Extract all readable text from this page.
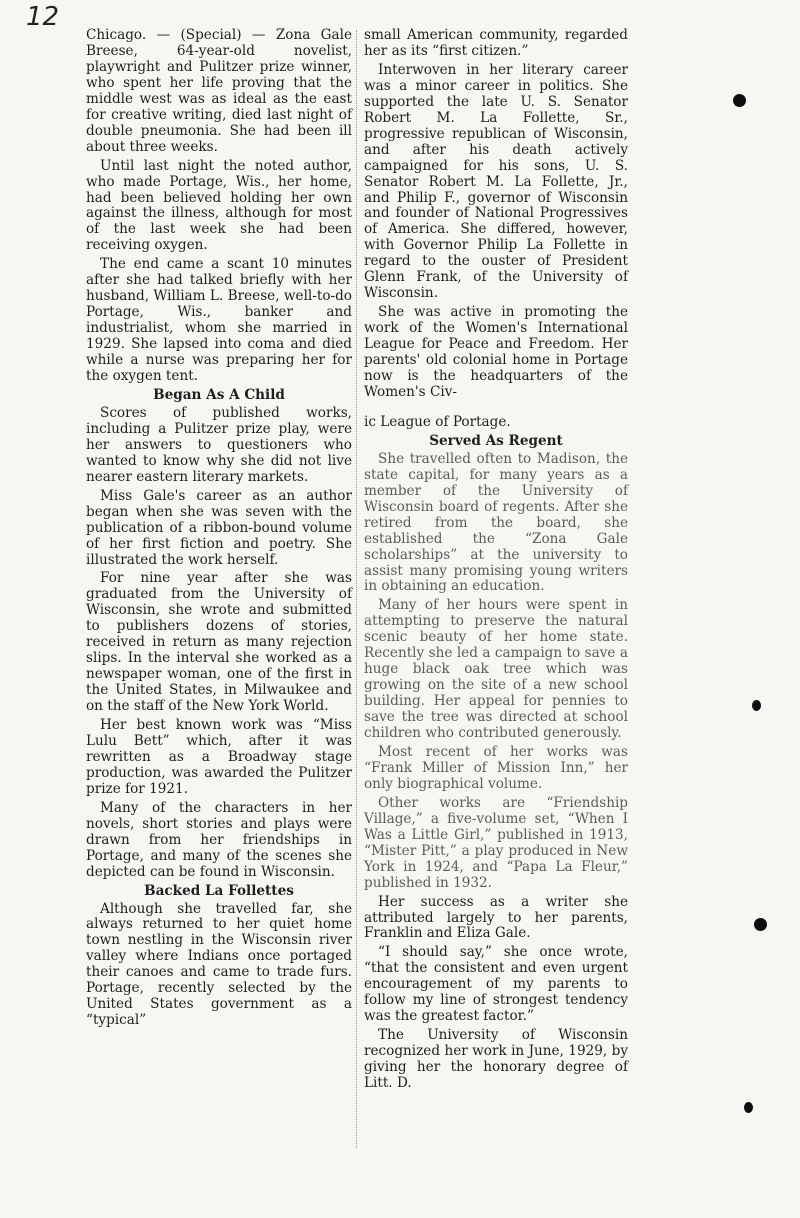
12

Chicago. — (Special) — Zona Gale Breese, 64-year-old novelist, playwright and Pulitzer prize winner, who spent her life proving that the middle west was as ideal as the east for creative writing, died last night of double pneumonia. She had been ill about three weeks.

Until last night the noted author, who made Portage, Wis., her home, had been believed holding her own against the illness, although for most of the last week she had been receiving oxygen.

The end came a scant 10 minutes after she had talked briefly with her husband, William L. Breese, well-to-do Portage, Wis., banker and industrialist, whom she married in 1929. She lapsed into coma and died while a nurse was preparing her for the oxygen tent.

Began As A Child

Scores of published works, including a Pulitzer prize play, were her answers to questioners who wanted to know why she did not live nearer eastern literary markets.

Miss Gale's career as an author began when she was seven with the publication of a ribbon-bound volume of her first fiction and poetry. She illustrated the work herself.

For nine year after she was graduated from the University of Wisconsin, she wrote and submitted to publishers dozens of stories, received in return as many rejection slips. In the interval she worked as a newspaper woman, one of the first in the United States, in Milwaukee and on the staff of the New York World.

Her best known work was “Miss Lulu Bett” which, after it was rewritten as a Broadway stage production, was awarded the Pulitzer prize for 1921.

Many of the characters in her novels, short stories and plays were drawn from her friendships in Portage, and many of the scenes she depicted can be found in Wisconsin.

Backed La Follettes

Although she travelled far, she always returned to her quiet home town nestling in the Wisconsin river valley where Indians once portaged their canoes and came to trade furs. Portage, recently selected by the United States government as a “typical”

small American community, regarded her as its “first citizen.”

Interwoven in her literary career was a minor career in politics. She supported the late U. S. Senator Robert M. La Follette, Sr., progressive republican of Wisconsin, and after his death actively campaigned for his sons, U. S. Senator Robert M. La Follette, Jr., and Philip F., governor of Wisconsin and founder of National Progressives of America. She differed, however, with Governor Philip La Follette in regard to the ouster of President Glenn Frank, of the University of Wisconsin.

She was active in promoting the work of the Women's International League for Peace and Freedom. Her parents' old colonial home in Portage now is the headquarters of the Women's Civ-

ic League of Portage.

Served As Regent

She travelled often to Madison, the state capital, for many years as a member of the University of Wisconsin board of regents. After she retired from the board, she established the “Zona Gale scholarships” at the university to assist many promising young writers in obtaining an education.

Many of her hours were spent in attempting to preserve the natural scenic beauty of her home state. Recently she led a campaign to save a huge black oak tree which was growing on the site of a new school building. Her appeal for pennies to save the tree was directed at school children who contributed generously.

Most recent of her works was “Frank Miller of Mission Inn,” her only biographical volume.

Other works are “Friendship Village,” a five-volume set, “When I Was a Little Girl,” published in 1913, “Mister Pitt,” a play produced in New York in 1924, and “Papa La Fleur,” published in 1932.

Her success as a writer she attributed largely to her parents, Franklin and Eliza Gale.

“I should say,” she once wrote, “that the consistent and even urgent encouragement of my parents to follow my line of strongest tendency was the greatest factor.”

The University of Wisconsin recognized her work in June, 1929, by giving her the honorary degree of Litt. D.
